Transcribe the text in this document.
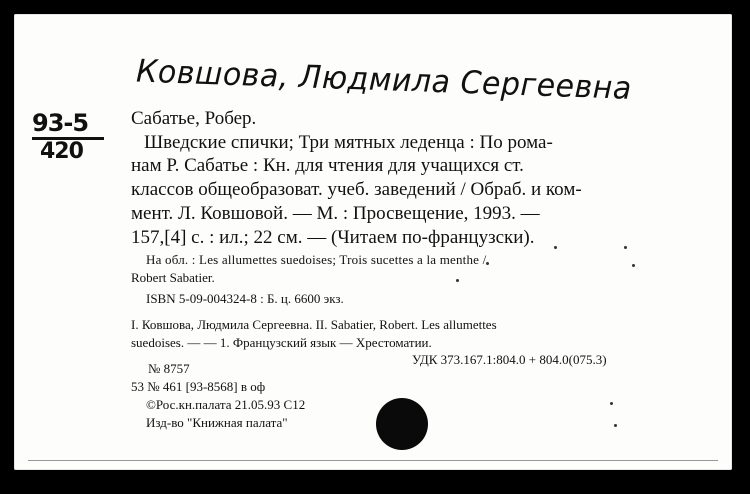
Ковшова, Людмила Сергеевна
93-5
420
Сабатье, Робер.
Шведские спички; Три мятных леденца : По рома-
нам Р. Сабатье : Кн. для чтения для учащихся ст.
классов общеобразоват. учеб. заведений / Обраб. и ком-
мент. Л. Ковшовой. — М. : Просвещение, 1993. —
157,[4] с. : ил.; 22 см. — (Читаем по-французски).
На обл. : Les allumettes suedoises; Trois sucettes a la menthe /
Robert Sabatier.
ISBN 5-09-004324-8 : Б. ц. 6600 экз.
I. Ковшова, Людмила Сергеевна. II. Sabatier, Robert. Les allumettes
suedoises. — — 1. Французский язык — Хрестоматии.
№ 8757
УДК 373.167.1:804.0 + 804.0(075.3)
53 № 461 [93-8568] в оф
©Рос.кн.палата 21.05.93 С12
Изд-во "Книжная палата"
